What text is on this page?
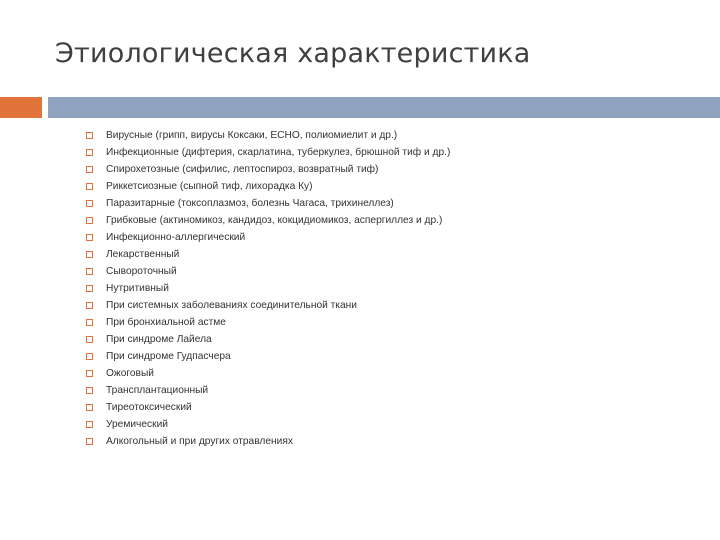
Этиологическая характеристика
Вирусные (грипп, вирусы Коксаки, ЕСНО, полиомиелит и др.)
Инфекционные (дифтерия, скарлатина, туберкулез, брюшной тиф и др.)
Спирохетозные (сифилис, лептоспироз, возвратный тиф)
Риккетсиозные (сыпной тиф, лихорадка Ку)
Паразитарные (токсоплазмоз, болезнь Чагаса, трихинеллез)
Грибковые (актиномикоз, кандидоз, кокцидиомикоз, аспергиллез и др.)
Инфекционно-аллергический
Лекарственный
Сывороточный
Нутритивный
При системных заболеваниях соединительной ткани
При бронхиальной астме
При синдроме Лайела
При синдроме Гудпасчера
Ожоговый
Трансплантационный
Тиреотоксический
Уремический
Алкогольный и при других отравлениях
